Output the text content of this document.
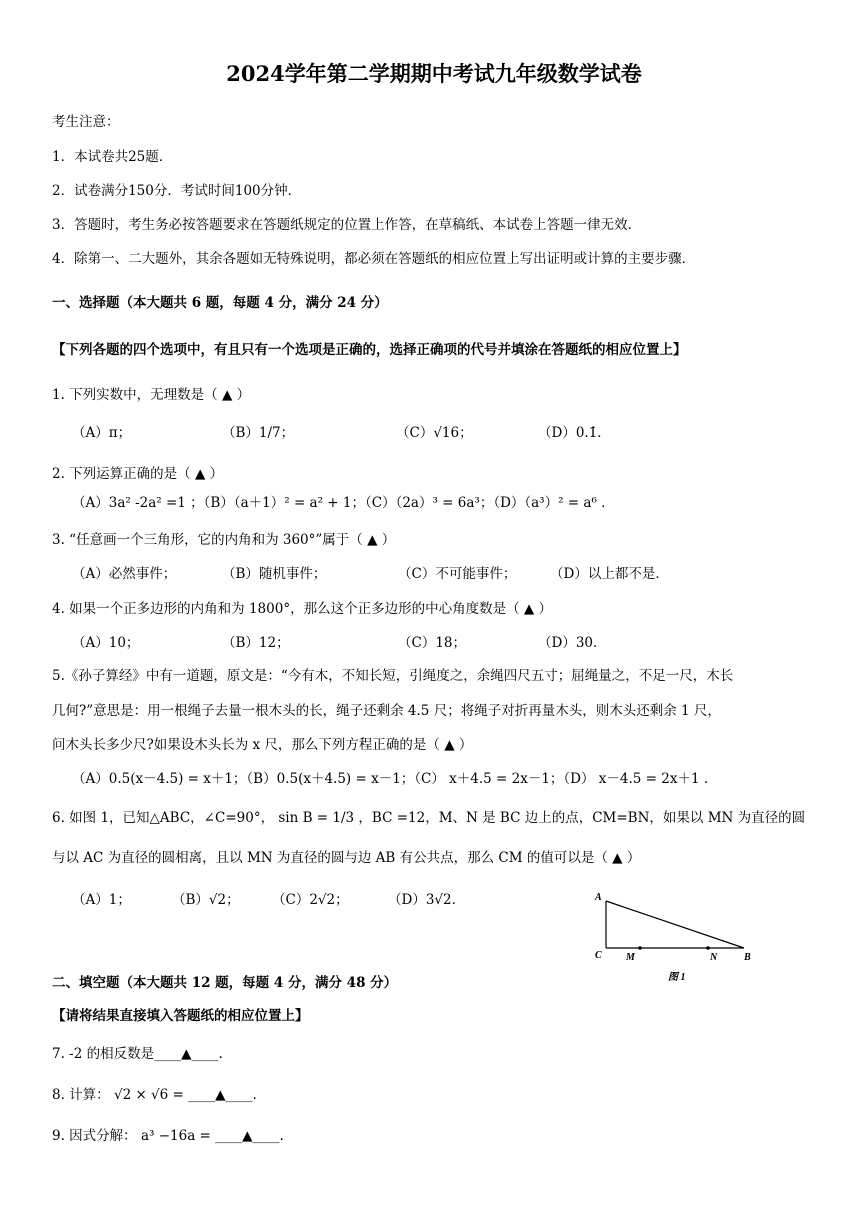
2024学年第二学期期中考试九年级数学试卷
考生注意：
1．本试卷共25题．
2．试卷满分150分．考试时间100分钟．
3．答题时，考生务必按答题要求在答题纸规定的位置上作答，在草稿纸、本试卷上答题一律无效．
4．除第一、二大题外，其余各题如无特殊说明，都必须在答题纸的相应位置上写出证明或计算的主要步骤．
一、选择题（本大题共 6 题，每题 4 分，满分 24 分）
【下列各题的四个选项中，有且只有一个选项是正确的，选择正确项的代号并填涂在答题纸的相应位置上】
1. 下列实数中，无理数是（ ▲ ）
（A）π；	（B）1/7；	（C）√16；	（D）0.1̇．
2. 下列运算正确的是（ ▲ ）
（A）3a² -2a² =1 ；（B）（a＋1）² = a² + 1；（C）（2a）³ = 6a³；（D）（a³）² = a⁶ ．
3. “任意画一个三角形，它的内角和为 360°”属于（ ▲ ）
（A）必然事件；	（B）随机事件；	（C）不可能事件； （D）以上都不是．
4. 如果一个正多边形的内角和为 1800°，那么这个正多边形的中心角度数是（ ▲ ）
（A）10；	（B）12；	（C）18；	（D）30．
5.《孙子算经》中有一道题，原文是：“今有木，不知长短，引绳度之，余绳四尺五寸；屈绳量之，不足一尺，木长
几何?”意思是：用一根绳子去量一根木头的长，绳子还剩余 4.5 尺；将绳子对折再量木头，则木头还剩余 1 尺，
问木头长多少尺?如果设木头长为 x 尺，那么下列方程正确的是（ ▲ ）
（A）0.5(x－4.5) = x＋1；（B）0.5(x＋4.5) = x－1；（C） x＋4.5 = 2x－1；（D） x－4.5 = 2x＋1 .
6. 如图 1，已知△ABC，∠C=90°， sin B = 1/3 ，BC =12，M、N 是 BC 边上的点，CM=BN，如果以 MN 为直径的圆
与以 AC 为直径的圆相离，且以 MN 为直径的圆与边 AB 有公共点，那么 CM 的值可以是（ ▲ ）
（A）1；	（B）√2； （C）2√2；	（D）3√2．	A
C M	N	B
图 1
二、填空题（本大题共 12 题，每题 4 分，满分 48 分）
【请将结果直接填入答题纸的相应位置上】
7. -2 的相反数是____▲____.
8. 计算： √2 × √6 = ____▲____.
9. 因式分解： a³ −16a = ____▲____.
